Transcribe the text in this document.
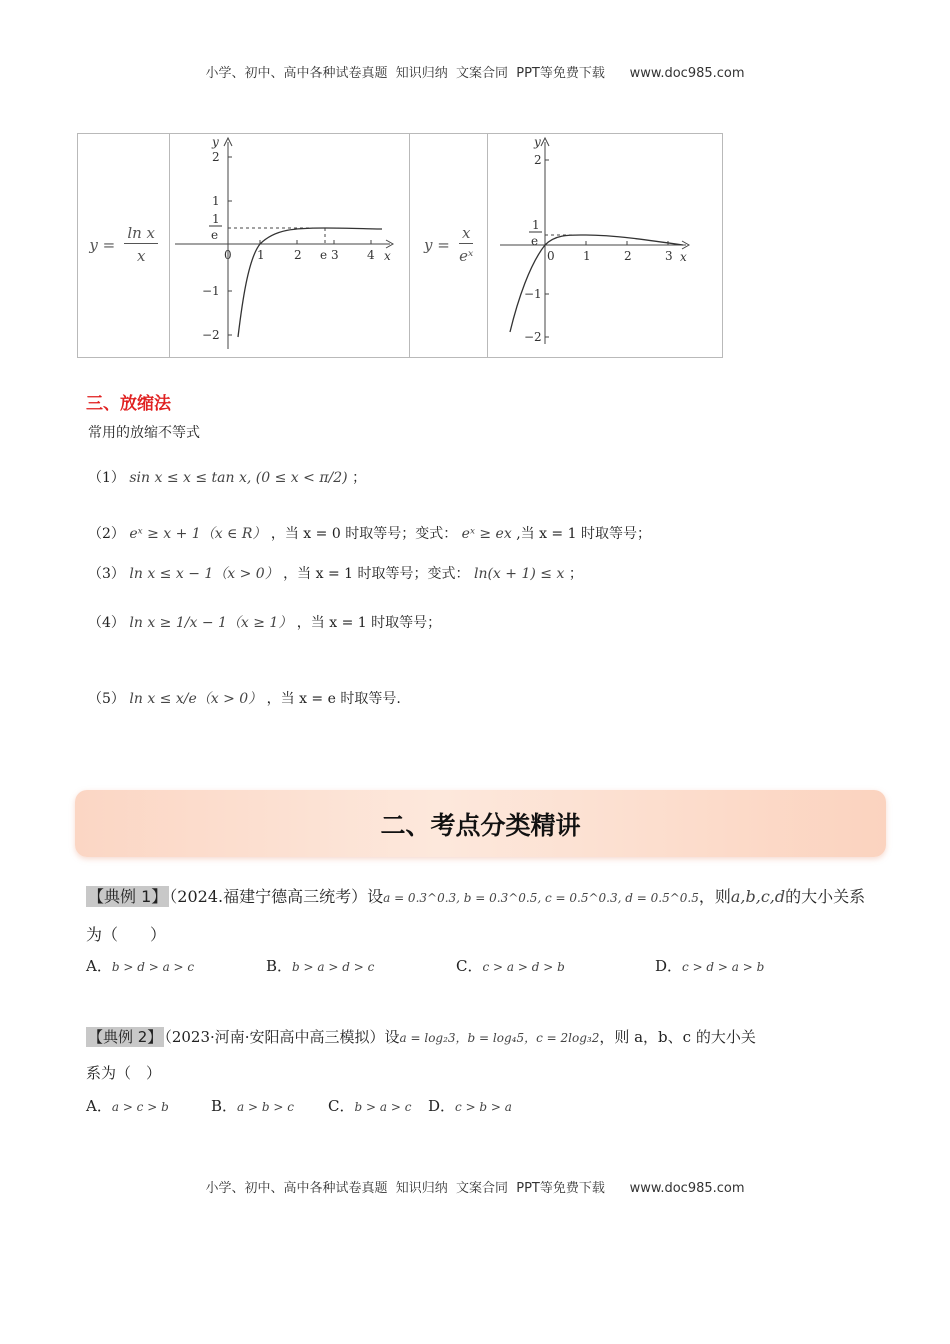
小学、初中、高中各种试卷真题  知识归纳  文案合同  PPT等免费下载      www.doc985.com
$y = \frac{\text{ln x}}{x}$

y
x
0
2
1
−1
−2
1 2 e 3 4
1
e
	$y = \frac{x}{\text{eˣ}}$

y
x
0
2
−1
−2
1	2	3
1
e
三、放缩法
常用的放缩不等式
（1） sin x ≤ x ≤ tan x, (0 ≤ x < π/2) ；
（2） eˣ ≥ x + 1（x ∈ R） ，当 x = 0 时取等号；变式： eˣ ≥ ex ,当 x = 1 时取等号；
（3） ln x ≤ x − 1（x > 0） ，当 x = 1 时取等号；变式： ln(x + 1) ≤ x ；
（4） ln x ≥ 1/x − 1（x ≥ 1） ，当 x = 1 时取等号；
（5） ln x ≤ x/e（x > 0） ，当 x = e 时取等号.
二、考点分类精讲
【典例 1】 （2024.福建宁德高三统考）设a = 0.3^0.3, b = 0.3^0.5, c = 0.5^0.3, d = 0.5^0.5，则a,b,c,d的大小关系
为（　　）
A．b > d > a > c	B．b > a > d > c	C．c > a > d > b	D．c > d > a > b
【典例 2】 （2023·河南·安阳高中高三模拟）设a = log₂3，b = log₄5，c = 2log₃2，则 a，b、c 的大小关
系为（　）
A．a > c > b	B．a > b > c C．b > a > c D．c > b > a
小学、初中、高中各种试卷真题  知识归纳  文案合同  PPT等免费下载      www.doc985.com
